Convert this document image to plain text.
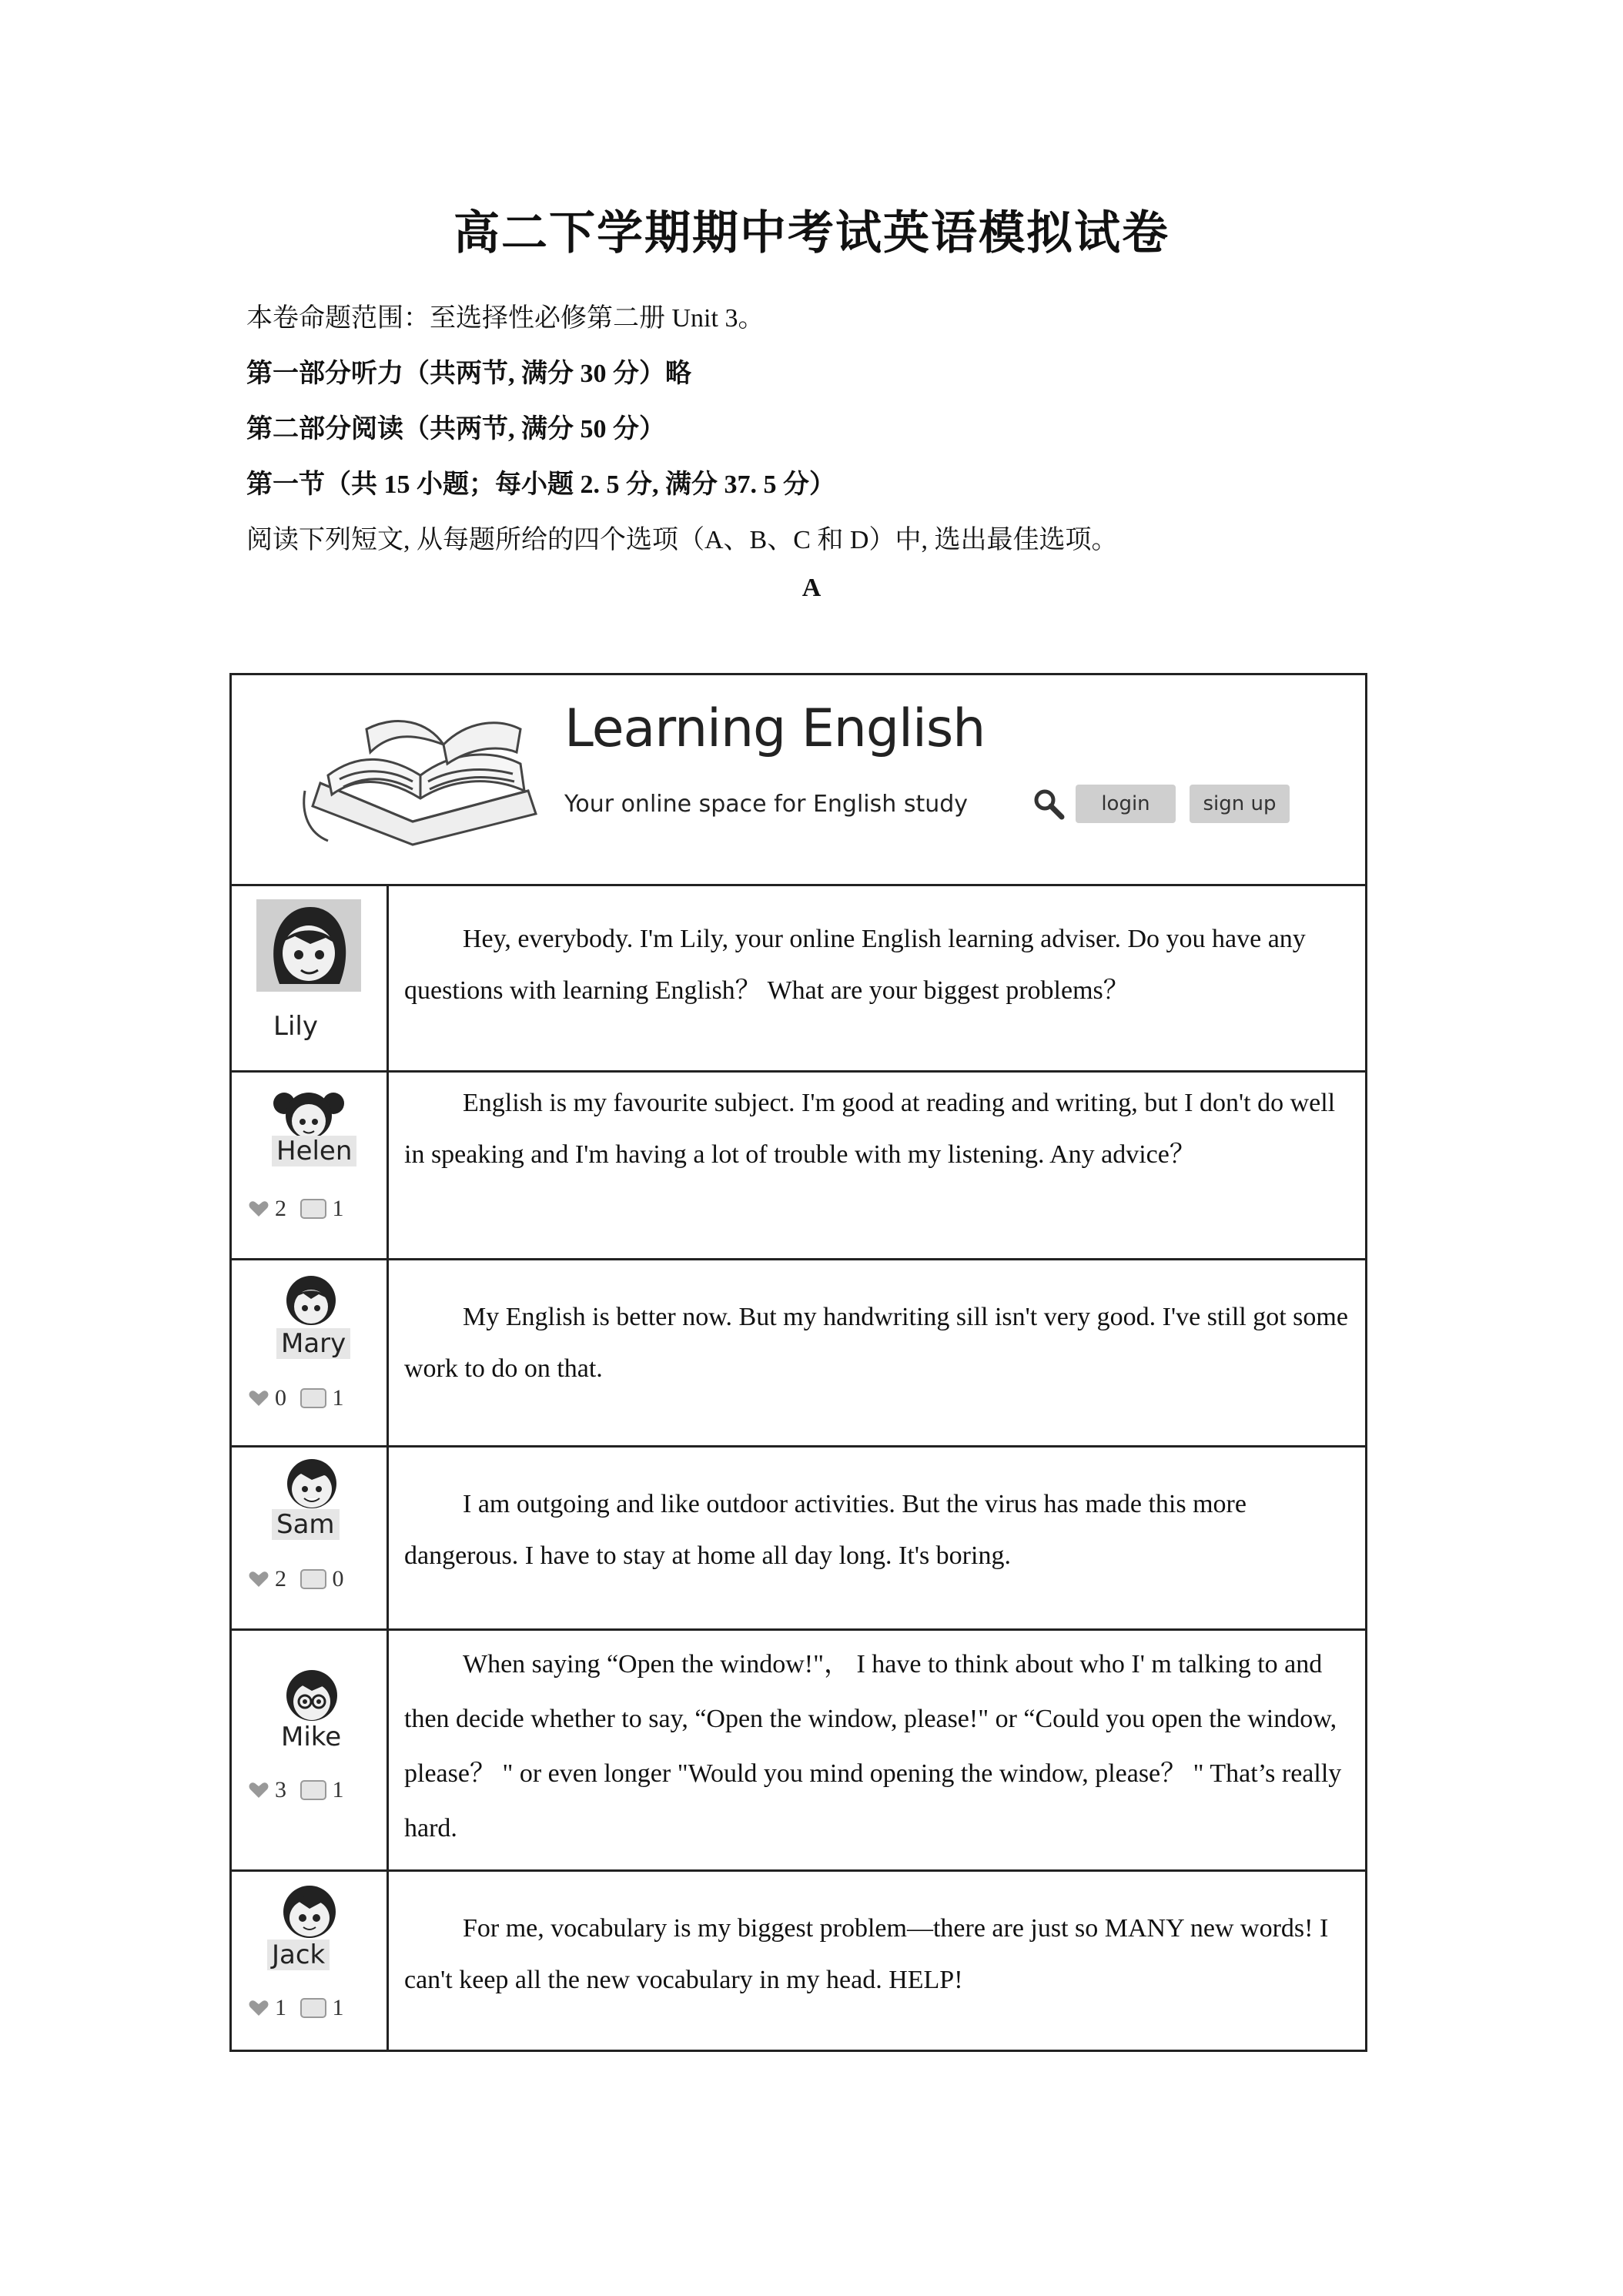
高二下学期期中考试英语模拟试卷
本卷命题范围：至选择性必修第二册 Unit 3。
第一部分听力（共两节, 满分 30 分）略
第二部分阅读（共两节, 满分 50 分）
第一节（共 15 小题；每小题 2. 5 分, 满分 37. 5 分）
阅读下列短文, 从每题所给的四个选项（A、B、C 和 D）中, 选出最佳选项。
A
Learning English
Your online space for English study	login	sign up
Lily
Hey, everybody. I'm Lily, your online English learning adviser. Do you have any questions with learning English？ What are your biggest problems？
Helen
2 1
English is my favourite subject. I'm good at reading and writing, but I don't do well in speaking and I'm having a lot of trouble with my listening. Any advice？
Mary
0 1
My English is better now. But my handwriting sill isn't very good. I've still got some work to do on that.
Sam
2 0
I am outgoing and like outdoor activities. But the virus has made this more dangerous. I have to stay at home all day long. It's boring.
Mike
3 1
When saying “Open the window!"， I have to think about who I' m talking to and then decide whether to say, “Open the window, please!" or “Could you open the window, please？ " or even longer "Would you mind opening the window, please？ " That’s really hard.
Jack
1 1
For me, vocabulary is my biggest problem—there are just so MANY new words! I can't keep all the new vocabulary in my head. HELP!
